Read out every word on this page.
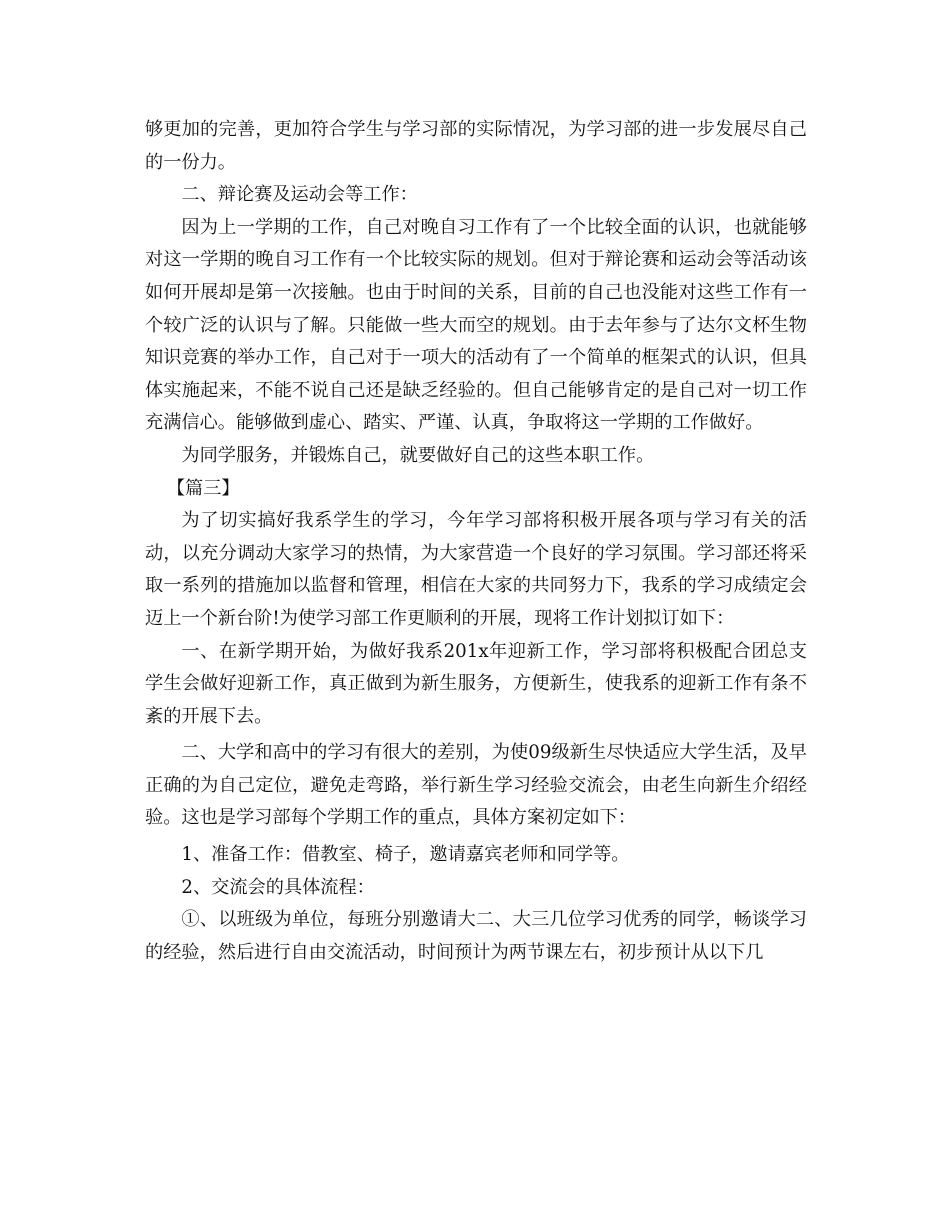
够更加的完善，更加符合学生与学习部的实际情况，为学习部的进一步发展尽自己的一份力。

二、辩论赛及运动会等工作：

因为上一学期的工作，自己对晚自习工作有了一个比较全面的认识，也就能够对这一学期的晚自习工作有一个比较实际的规划。但对于辩论赛和运动会等活动该如何开展却是第一次接触。也由于时间的关系，目前的自己也没能对这些工作有一个较广泛的认识与了解。只能做一些大而空的规划。由于去年参与了达尔文杯生物知识竞赛的举办工作，自己对于一项大的活动有了一个简单的框架式的认识，但具体实施起来，不能不说自己还是缺乏经验的。但自己能够肯定的是自己对一切工作充满信心。能够做到虚心、踏实、严谨、认真，争取将这一学期的工作做好。

为同学服务，并锻炼自己，就要做好自己的这些本职工作。

【篇三】

为了切实搞好我系学生的学习，今年学习部将积极开展各项与学习有关的活动，以充分调动大家学习的热情，为大家营造一个良好的学习氛围。学习部还将采取一系列的措施加以监督和管理，相信在大家的共同努力下，我系的学习成绩定会迈上一个新台阶!为使学习部工作更顺利的开展，现将工作计划拟订如下：

一、在新学期开始，为做好我系201x年迎新工作，学习部将积极配合团总支学生会做好迎新工作，真正做到为新生服务，方便新生，使我系的迎新工作有条不紊的开展下去。

二、大学和高中的学习有很大的差别，为使09级新生尽快适应大学生活，及早正确的为自己定位，避免走弯路，举行新生学习经验交流会，由老生向新生介绍经验。这也是学习部每个学期工作的重点，具体方案初定如下：

1、准备工作：借教室、椅子，邀请嘉宾老师和同学等。

2、交流会的具体流程：

①、以班级为单位，每班分别邀请大二、大三几位学习优秀的同学，畅谈学习的经验，然后进行自由交流活动，时间预计为两节课左右，初步预计从以下几
